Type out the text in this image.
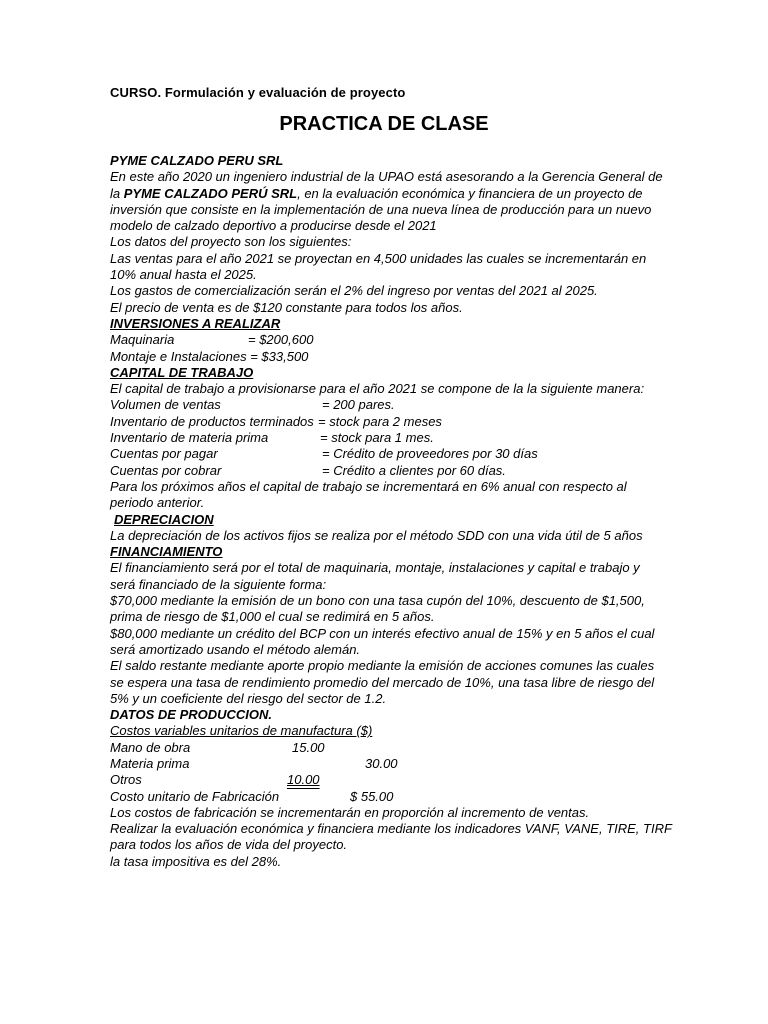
CURSO. Formulación y evaluación de proyecto
PRACTICA DE CLASE
PYME CALZADO PERU SRL
En este año 2020 un ingeniero industrial de la UPAO está asesorando a la Gerencia General de
la PYME CALZADO PERÚ SRL, en la evaluación económica y financiera de un proyecto de
inversión que consiste en la implementación de una nueva línea de producción para un nuevo
modelo de calzado deportivo a producirse desde el 2021
Los datos del proyecto son los siguientes:
Las ventas para el año 2021 se proyectan en 4,500 unidades las cuales se incrementarán en
10% anual hasta el 2025.
Los gastos de comercialización serán el 2% del ingreso por ventas del 2021 al 2025.
El precio de venta es de $120 constante para todos los años.
INVERSIONES A REALIZAR
Maquinaria	= $200,600
Montaje e Instalaciones = $33,500
CAPITAL DE TRABAJO
El capital de trabajo a provisionarse para el año 2021 se compone de la la siguiente manera:
Volumen de ventas	= 200 pares.
Inventario de productos terminados = stock para 2 meses
Inventario de materia prima	= stock para 1 mes.
Cuentas por pagar	= Crédito de proveedores por 30 días
Cuentas por cobrar	= Crédito a clientes por 60 días.
Para los próximos años el capital de trabajo se incrementará en 6% anual con respecto al
periodo anterior.
DEPRECIACION
La depreciación de los activos fijos se realiza por el método SDD con una vida útil de 5 años
FINANCIAMIENTO
El financiamiento será por el total de maquinaria, montaje, instalaciones y capital e trabajo y
será financiado de la siguiente forma:
$70,000 mediante la emisión de un bono con una tasa cupón del 10%, descuento de $1,500,
prima de riesgo de $1,000 el cual se redimirá en 5 años.
$80,000 mediante un crédito del BCP con un interés efectivo anual de 15% y en 5 años el cual
será amortizado usando el método alemán.
El saldo restante mediante aporte propio mediante la emisión de acciones comunes las cuales
se espera una tasa de rendimiento promedio del mercado de 10%, una tasa libre de riesgo del
5% y un coeficiente del riesgo del sector de 1.2.
DATOS DE PRODUCCION.
Costos variables unitarios de manufactura ($)
Mano de obra	15.00
Materia prima	30.00
Otros	10.00
Costo unitario de Fabricación	$ 55.00
Los costos de fabricación se incrementarán en proporción al incremento de ventas.
Realizar la evaluación económica y financiera mediante los indicadores VANF, VANE, TIRE, TIRF
para todos los años de vida del proyecto.
la tasa impositiva es del 28%.
